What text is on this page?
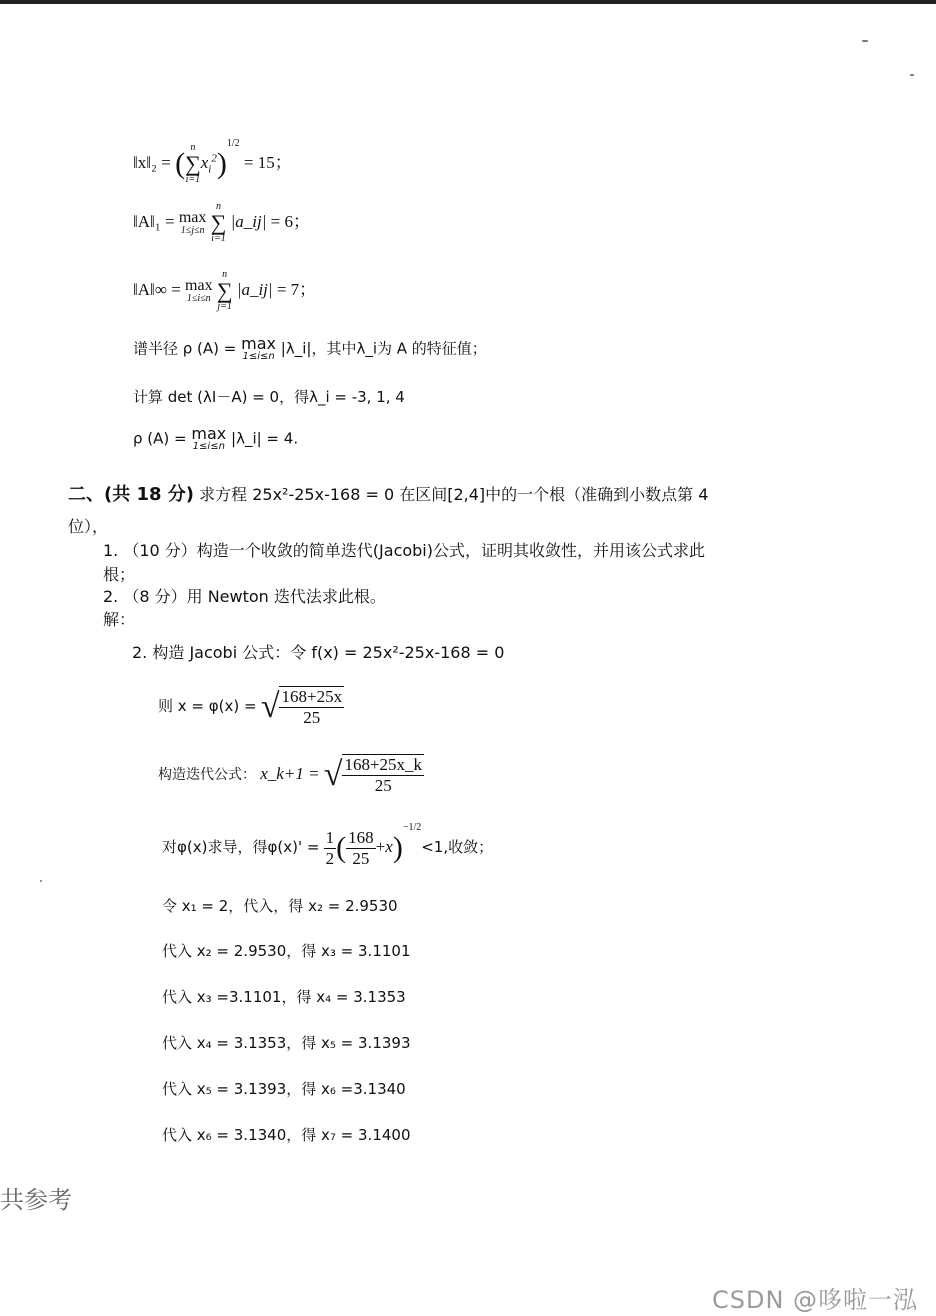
‖x‖₂ = ( n
∑
i=1
$x_i^2)^{1/2} = 15$；
‖A‖₁ = max
1≤j≤n

n
∑
i=1
|a_ij| = 6；
‖A‖∞ = max
1≤i≤n

n
∑
j=1
|a_ij| = 7；
谱半径 ρ (A) = max
1≤i≤n |λ_i|，其中λ_i为 A 的特征值；
计算 det (λI－A) = 0，得λ_i = -3, 1, 4
ρ (A) = max
1≤i≤n |λ_i| = 4.
二、(共 18 分) 求方程 25x²-25x-168 = 0 在区间[2,4]中的一个根（准确到小数点第 4
位），
1. （10 分）构造一个收敛的简单迭代(Jacobi)公式，证明其收敛性，并用该公式求此
根；
2. （8 分）用 Newton 迭代法求此根。
解：
2. 构造 Jacobi 公式：令 f(x) = 25x²-25x-168 = 0
则 x = φ(x) = √ $\frac{168+25x}{25}$
构造迭代公式： x_k+1 = √ $\frac{168+25x\_k}{25}$
对φ(x)求导，得$\varphi(x)' = \frac{1}{2}$ ( $\frac{168}{25} +x)^{-1/2}<1$,收敛；
令 x₁ = 2，代入，得 x₂ = 2.9530
代入 x₂ = 2.9530，得 x₃ = 3.1101
代入 x₃ =3.1101，得 x₄ = 3.1353
代入 x₄ = 3.1353，得 x₅ = 3.1393
代入 x₅ = 3.1393，得 x₆ =3.1340
代入 x₆ = 3.1340，得 x₇ = 3.1400
共参考
CSDN @哆啦一泓
